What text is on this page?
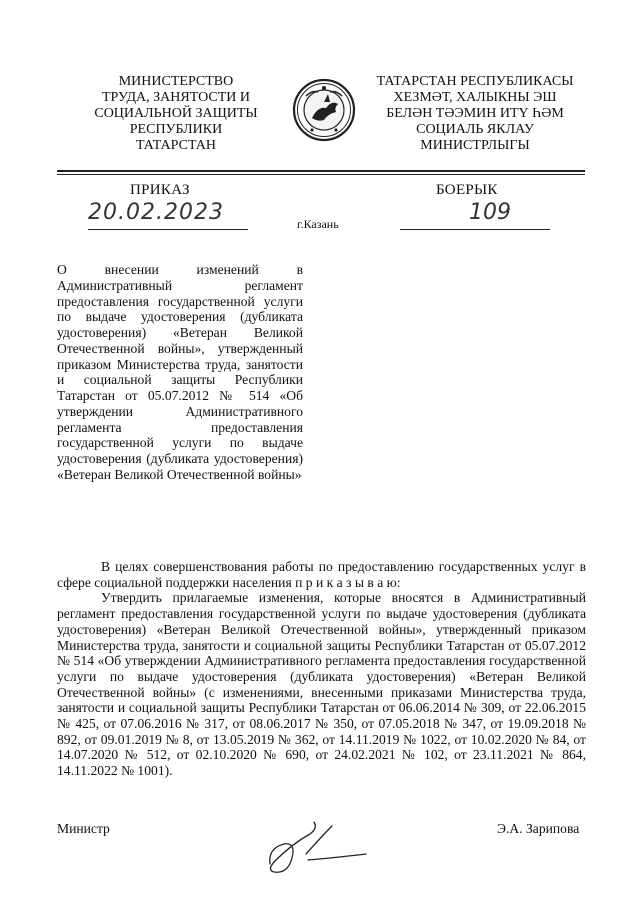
МИНИСТЕРСТВО
ТРУДА, ЗАНЯТОСТИ И
СОЦИАЛЬНОЙ ЗАЩИТЫ
РЕСПУБЛИКИ
ТАТАРСТАН
ТАТАРСТАН РЕСПУБЛИКАСЫ
ХЕЗМӘТ, ХАЛЫКНЫ ЭШ
БЕЛӘН ТӘЭМИН ИТҮ ҺӘМ
СОЦИАЛЬ ЯКЛАУ
МИНИСТРЛЫГЫ
ПРИКАЗ	БОЕРЫК
20.02.2023	г.Казань	109
О внесении изменений в Административный регламент предоставления государственной услуги по выдаче удостоверения (дубликата удостоверения) «Ветеран Великой Отечественной войны», утвержденный приказом Министерства труда, занятости и социальной защиты Республики Татарстан от 05.07.2012 № 514 «Об утверждении Административного регламента предоставления государственной услуги по выдаче удостоверения (дубликата удостоверения) «Ветеран Великой Отечественной войны»

В целях совершенствования работы по предоставлению государственных услуг в сфере социальной поддержки населения п р и к а з ы в а ю:

Утвердить прилагаемые изменения, которые вносятся в Административный регламент предоставления государственной услуги по выдаче удостоверения (дубликата удостоверения) «Ветеран Великой Отечественной войны», утвержденный приказом Министерства труда, занятости и социальной защиты Республики Татарстан от 05.07.2012 № 514 «Об утверждении Административного регламента предоставления государственной услуги по выдаче удостоверения (дубликата удостоверения) «Ветеран Великой Отечественной войны» (с изменениями, внесенными приказами Министерства труда, занятости и социальной защиты Республики Татарстан от 06.06.2014 № 309, от 22.06.2015 № 425, от 07.06.2016 № 317, от 08.06.2017 № 350, от 07.05.2018 № 347, от 19.09.2018 № 892, от 09.01.2019 № 8, от 13.05.2019 № 362, от 14.11.2019 № 1022, от 10.02.2020 № 84, от 14.07.2020 № 512, от 02.10.2020 № 690, от 24.02.2021 № 102, от 23.11.2021 № 864, 14.11.2022 № 1001).

Министр	Э.А. Зарипова
